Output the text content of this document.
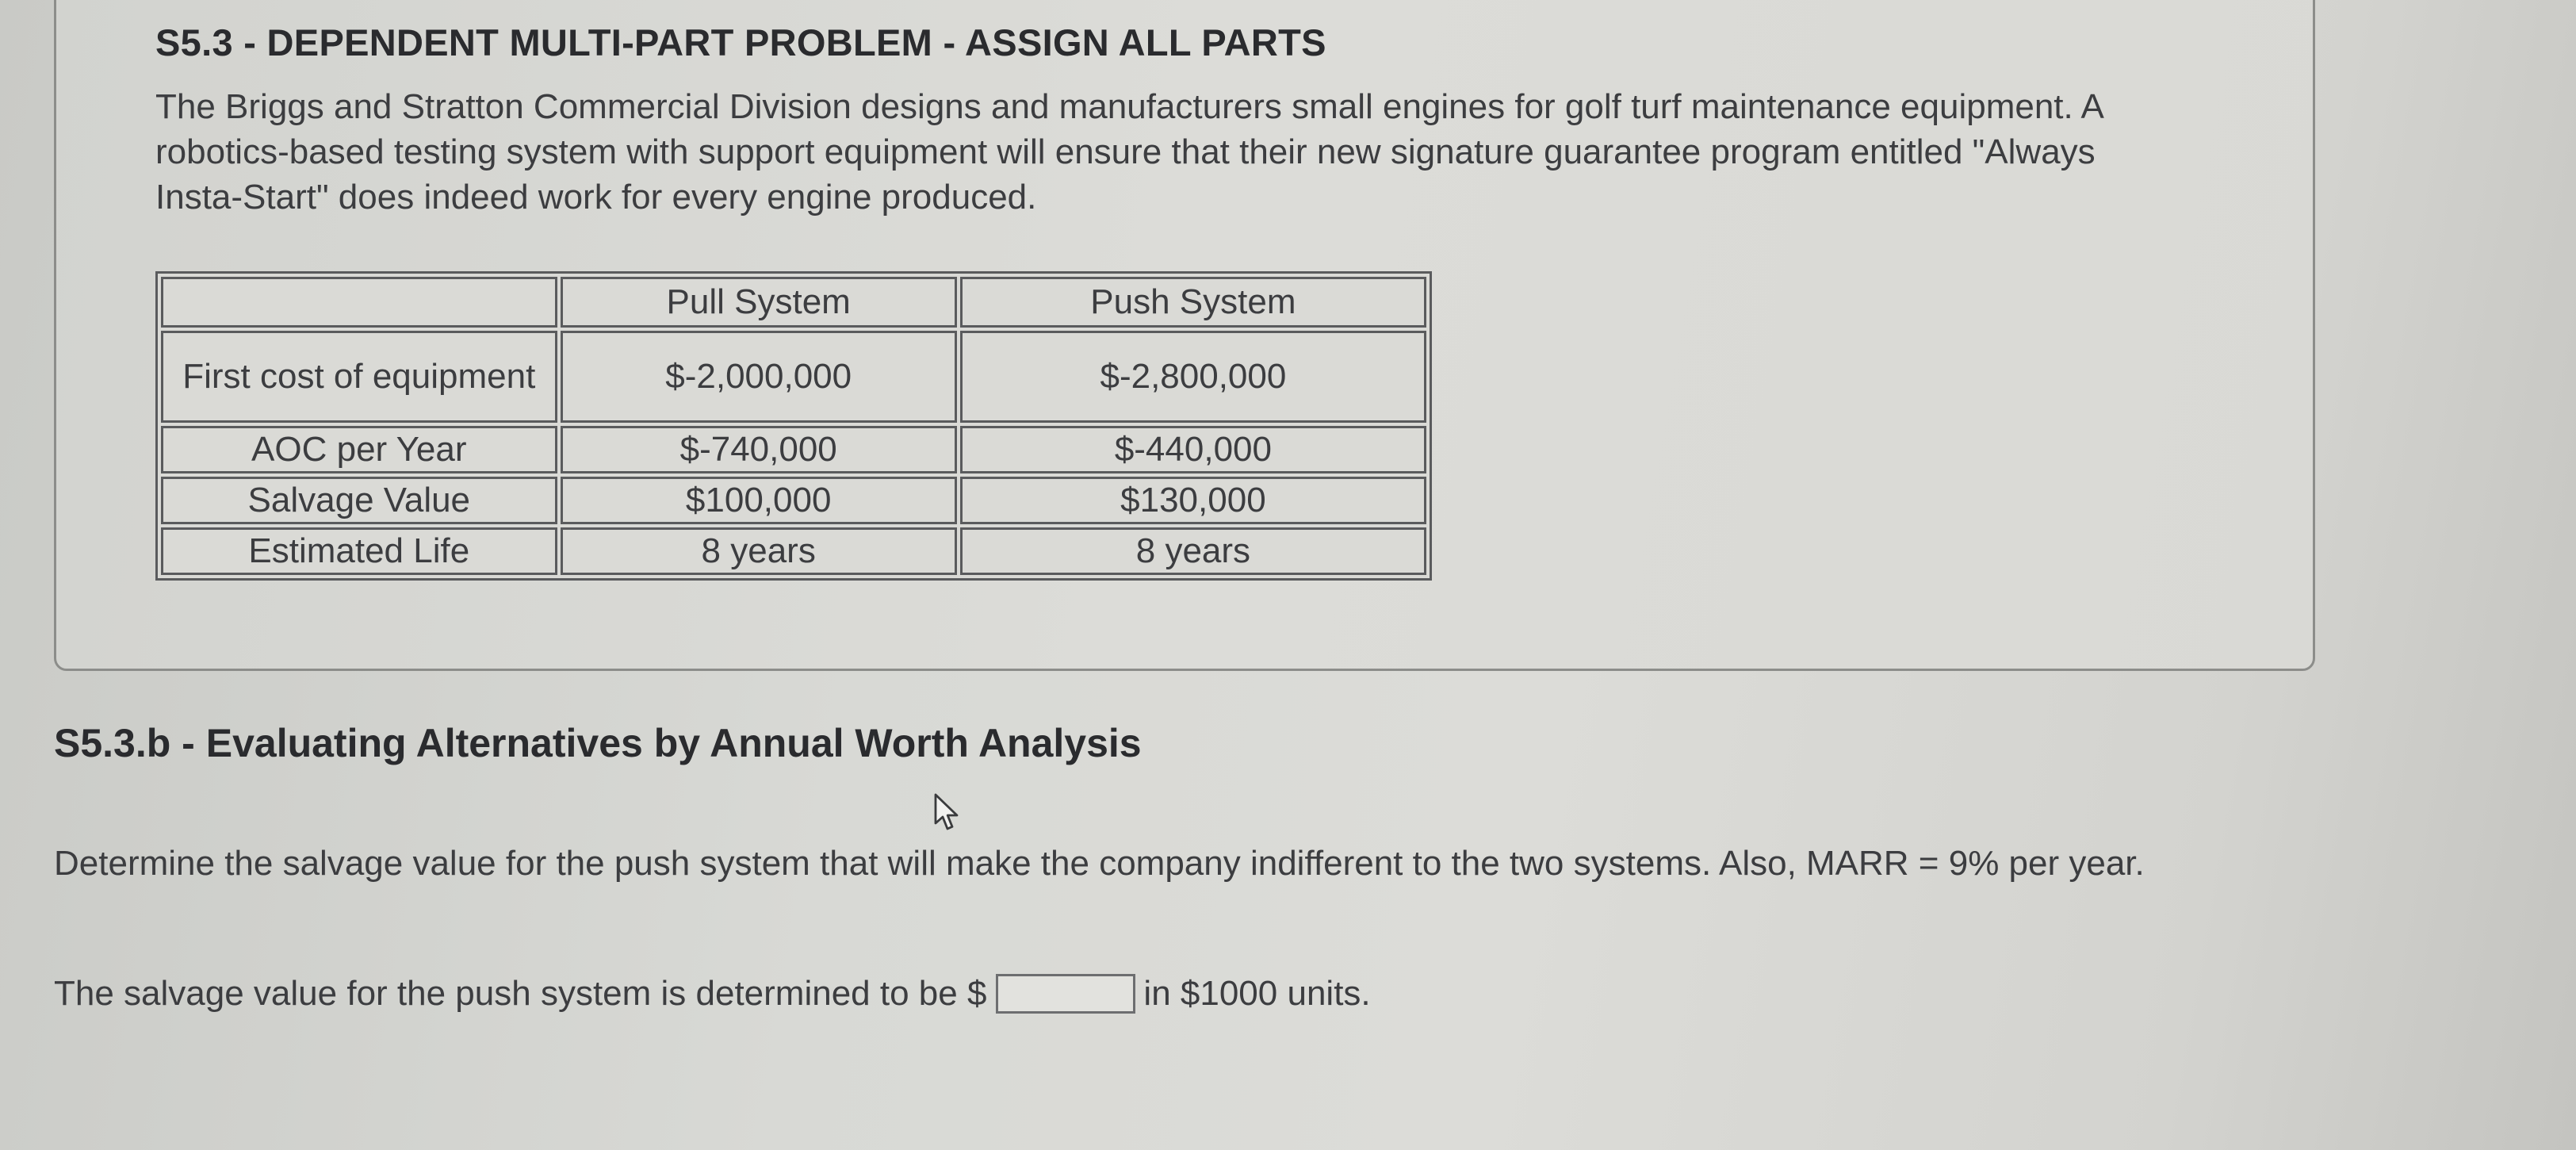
S5.3 - DEPENDENT MULTI-PART PROBLEM - ASSIGN ALL PARTS
The Briggs and Stratton Commercial Division designs and manufacturers small engines for golf turf maintenance equipment. A robotics-based testing system with support equipment will ensure that their new signature guarantee program entitled "Always Insta-Start" does indeed work for every engine produced.
	Pull System	Push System
First cost of equipment	$-2,000,000	$-2,800,000
AOC per Year	$-740,000	$-440,000
Salvage Value	$100,000	$130,000
Estimated Life	8 years	8 years
S5.3.b - Evaluating Alternatives by Annual Worth Analysis
Determine the salvage value for the push system that will make the company indifferent to the two systems. Also, MARR = 9% per year.
The salvage value for the push system is determined to be $	in $1000 units.
